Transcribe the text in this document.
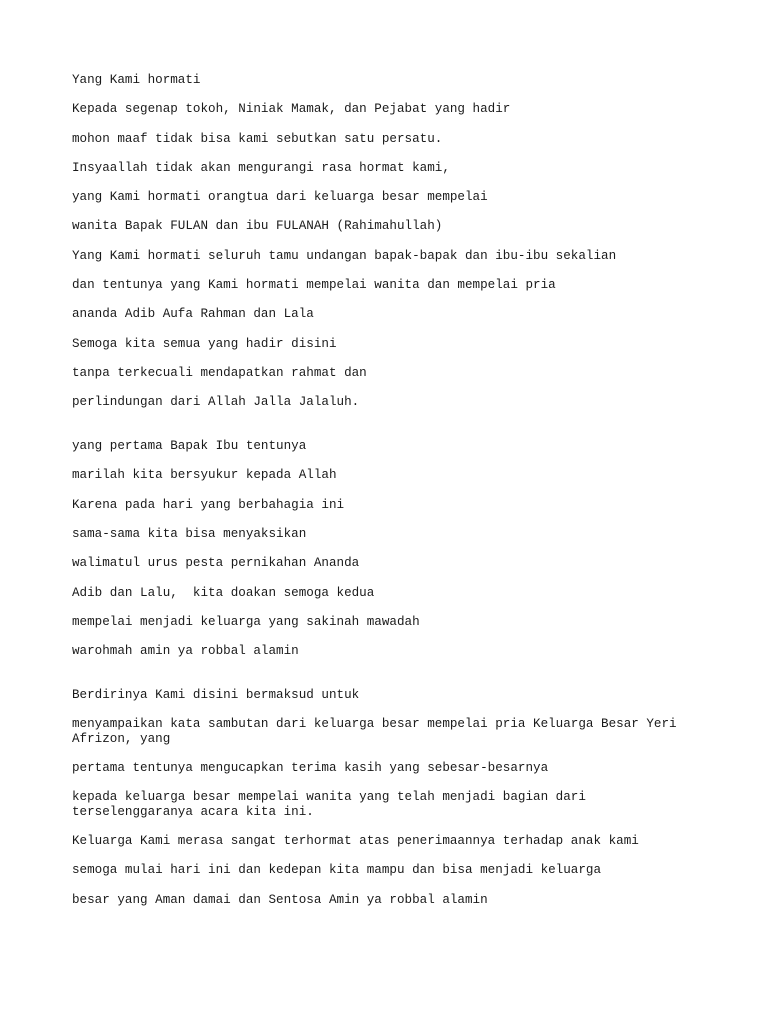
Yang Kami hormati
Kepada segenap tokoh, Niniak Mamak, dan Pejabat yang hadir
mohon maaf tidak bisa kami sebutkan satu persatu.
Insyaallah tidak akan mengurangi rasa hormat kami,
yang Kami hormati orangtua dari keluarga besar mempelai
wanita Bapak FULAN dan ibu FULANAH (Rahimahullah)
Yang Kami hormati seluruh tamu undangan bapak-bapak dan ibu-ibu sekalian
dan tentunya yang Kami hormati mempelai wanita dan mempelai pria
ananda Adib Aufa Rahman dan Lala
Semoga kita semua yang hadir disini
tanpa terkecuali mendapatkan rahmat dan
perlindungan dari Allah Jalla Jalaluh.
yang pertama Bapak Ibu tentunya
marilah kita bersyukur kepada Allah
Karena pada hari yang berbahagia ini
sama-sama kita bisa menyaksikan
walimatul urus pesta pernikahan Ananda
Adib dan Lalu,  kita doakan semoga kedua
mempelai menjadi keluarga yang sakinah mawadah
warohmah amin ya robbal alamin
Berdirinya Kami disini bermaksud untuk
menyampaikan kata sambutan dari keluarga besar mempelai pria Keluarga Besar Yeri Afrizon, yang
pertama tentunya mengucapkan terima kasih yang sebesar-besarnya
kepada keluarga besar mempelai wanita yang telah menjadi bagian dari terselenggaranya acara kita ini.
Keluarga Kami merasa sangat terhormat atas penerimaannya terhadap anak kami
semoga mulai hari ini dan kedepan kita mampu dan bisa menjadi keluarga
besar yang Aman damai dan Sentosa Amin ya robbal alamin
